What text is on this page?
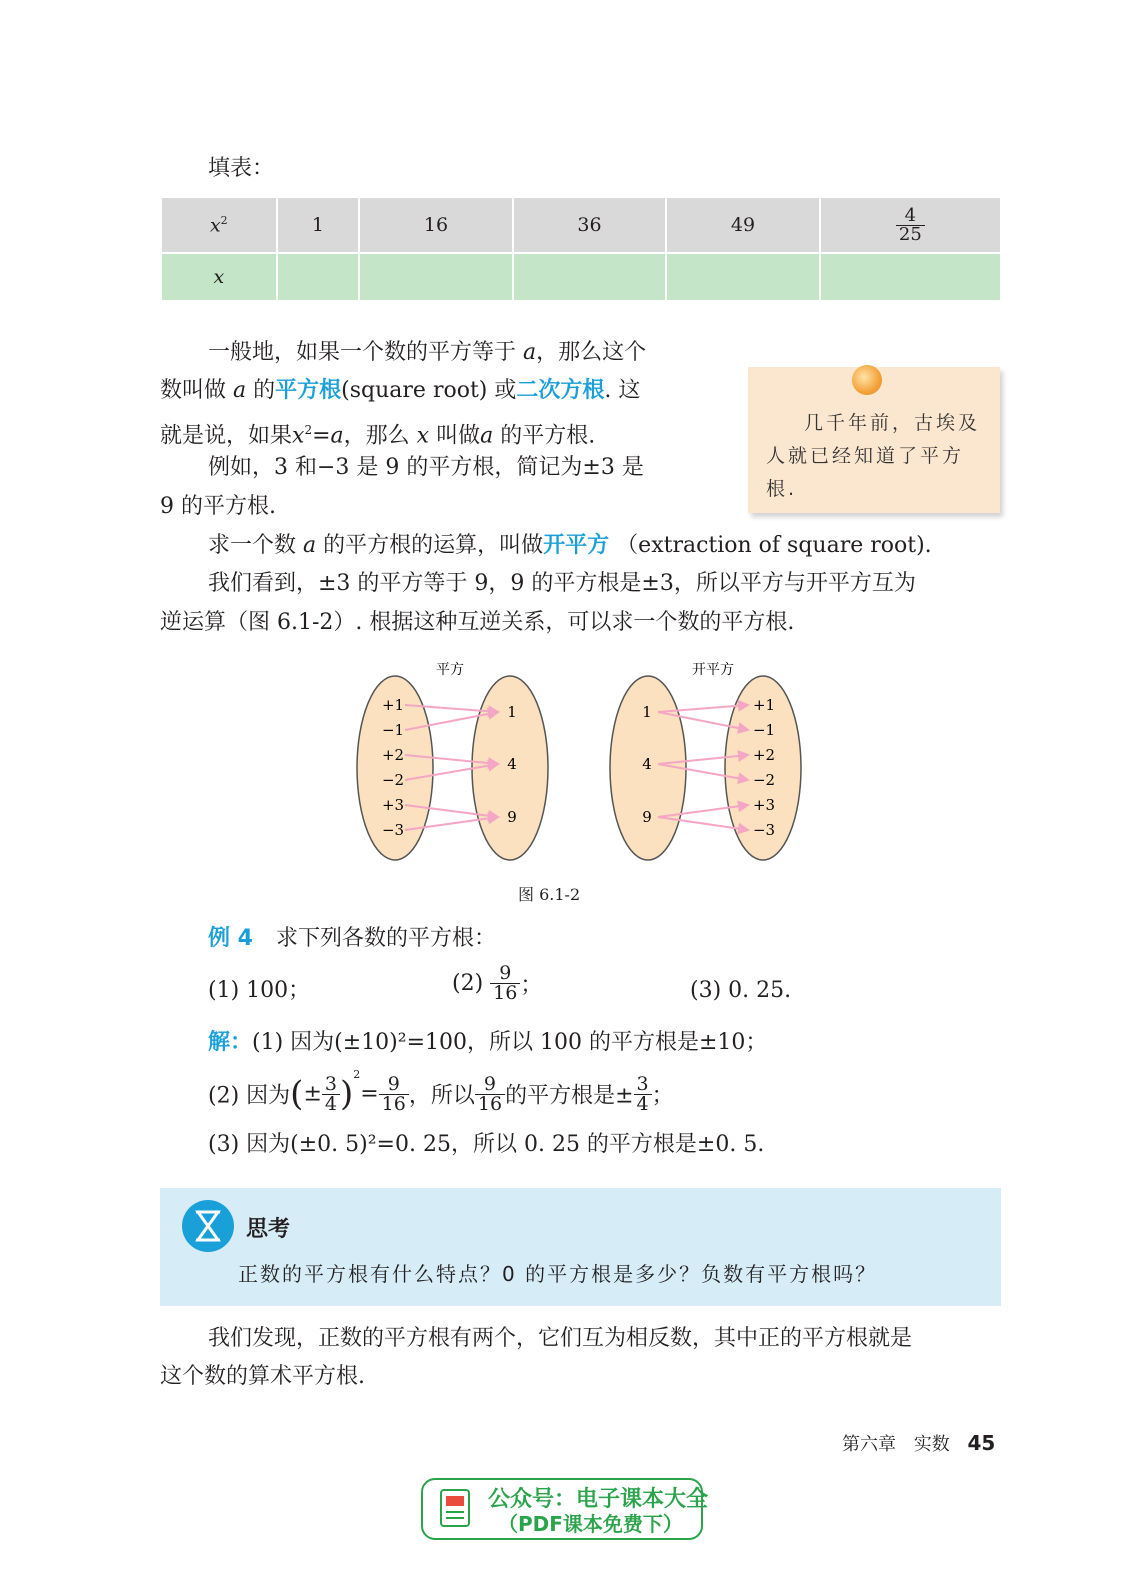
填表：
$x^2$	1	16	36	49	$\frac{4}{25}$

x					
一般地，如果一个数的平方等于 a，那么这个
数叫做 a 的平方根(square root) 或二次方根. 这
就是说，如果$x^2=a$，那么 x 叫做a 的平方根.
例如，3 和−3 是 9 的平方根，简记为±3 是
9 的平方根.
几千年前，古埃及人就已经知道了平方根.
求一个数 a 的平方根的运算，叫做开平方 （extraction of square root).
我们看到，±3 的平方等于 9，9 的平方根是±3，所以平方与开平方互为
逆运算（图 6.1-2）. 根据这种互逆关系，可以求一个数的平方根.
平方	开平方
+1
−1
+2
−2
+3
−3
1
4
9
1
4
9
+1
−1
+2
−2
+3
−3
图 6.1-2
例 4 求下列各数的平方根：
(1) 100；	$(2) \frac{9}{16}$ ；	(3) 0. 25.
解：(1) 因为(±10)²=100，所以 100 的平方根是±10；
(2) 因为(± $\frac{3}{4} )^2= \frac{9}{16}$ ，所以 $\frac{9}{16}$ 的平方根是± $\frac{3}{4}$ ；
(3) 因为(±0. 5)²=0. 25，所以 0. 25 的平方根是±0. 5.
思考
正数的平方根有什么特点？0 的平方根是多少？负数有平方根吗？
我们发现，正数的平方根有两个，它们互为相反数，其中正的平方根就是
这个数的算术平方根.
第六章 实数 45
公众号：电子课本大全
（PDF课本免费下）
